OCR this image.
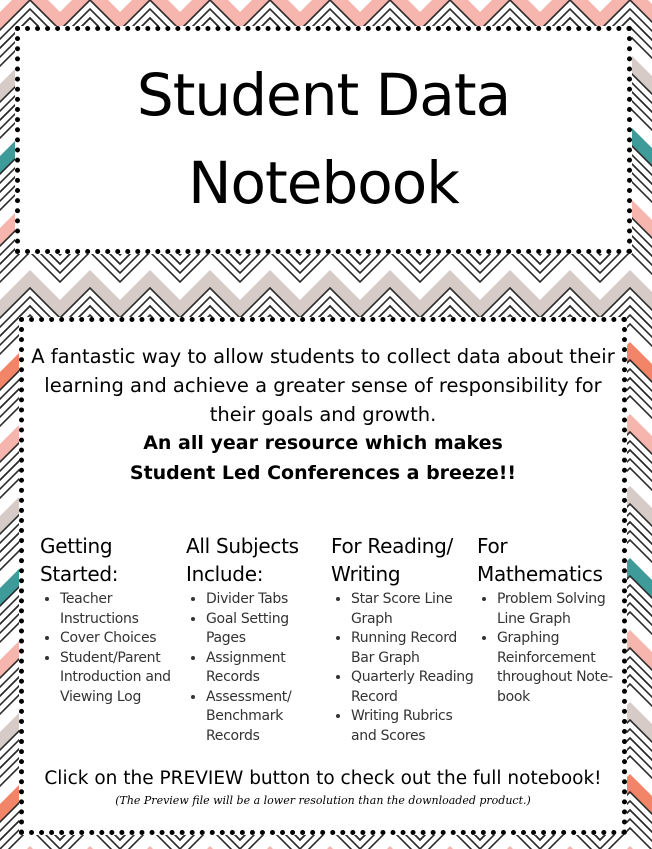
Student Data
Notebook
A fantastic way to allow students to collect data about their learning and achieve a greater sense of responsibility for their goals and growth.
An all year resource which makes
Student Led Conferences a breeze!!
Getting
Started:
• Teacher Instructions
• Cover Choices
• Student/Parent Introduction and Viewing Log
All Subjects
Include:
• Divider Tabs
• Goal Setting Pages
• Assignment Records
• Assessment/ Benchmark Records
For Reading/
Writing
• Star Score Line Graph
• Running Record Bar Graph
• Quarterly Reading Record
• Writing Rubrics and Scores
For
Mathematics
• Problem Solving Line Graph
• Graphing Reinforcement throughout Note-book
Click on the PREVIEW button to check out the full notebook!
(The Preview file will be a lower resolution than the downloaded product.)
